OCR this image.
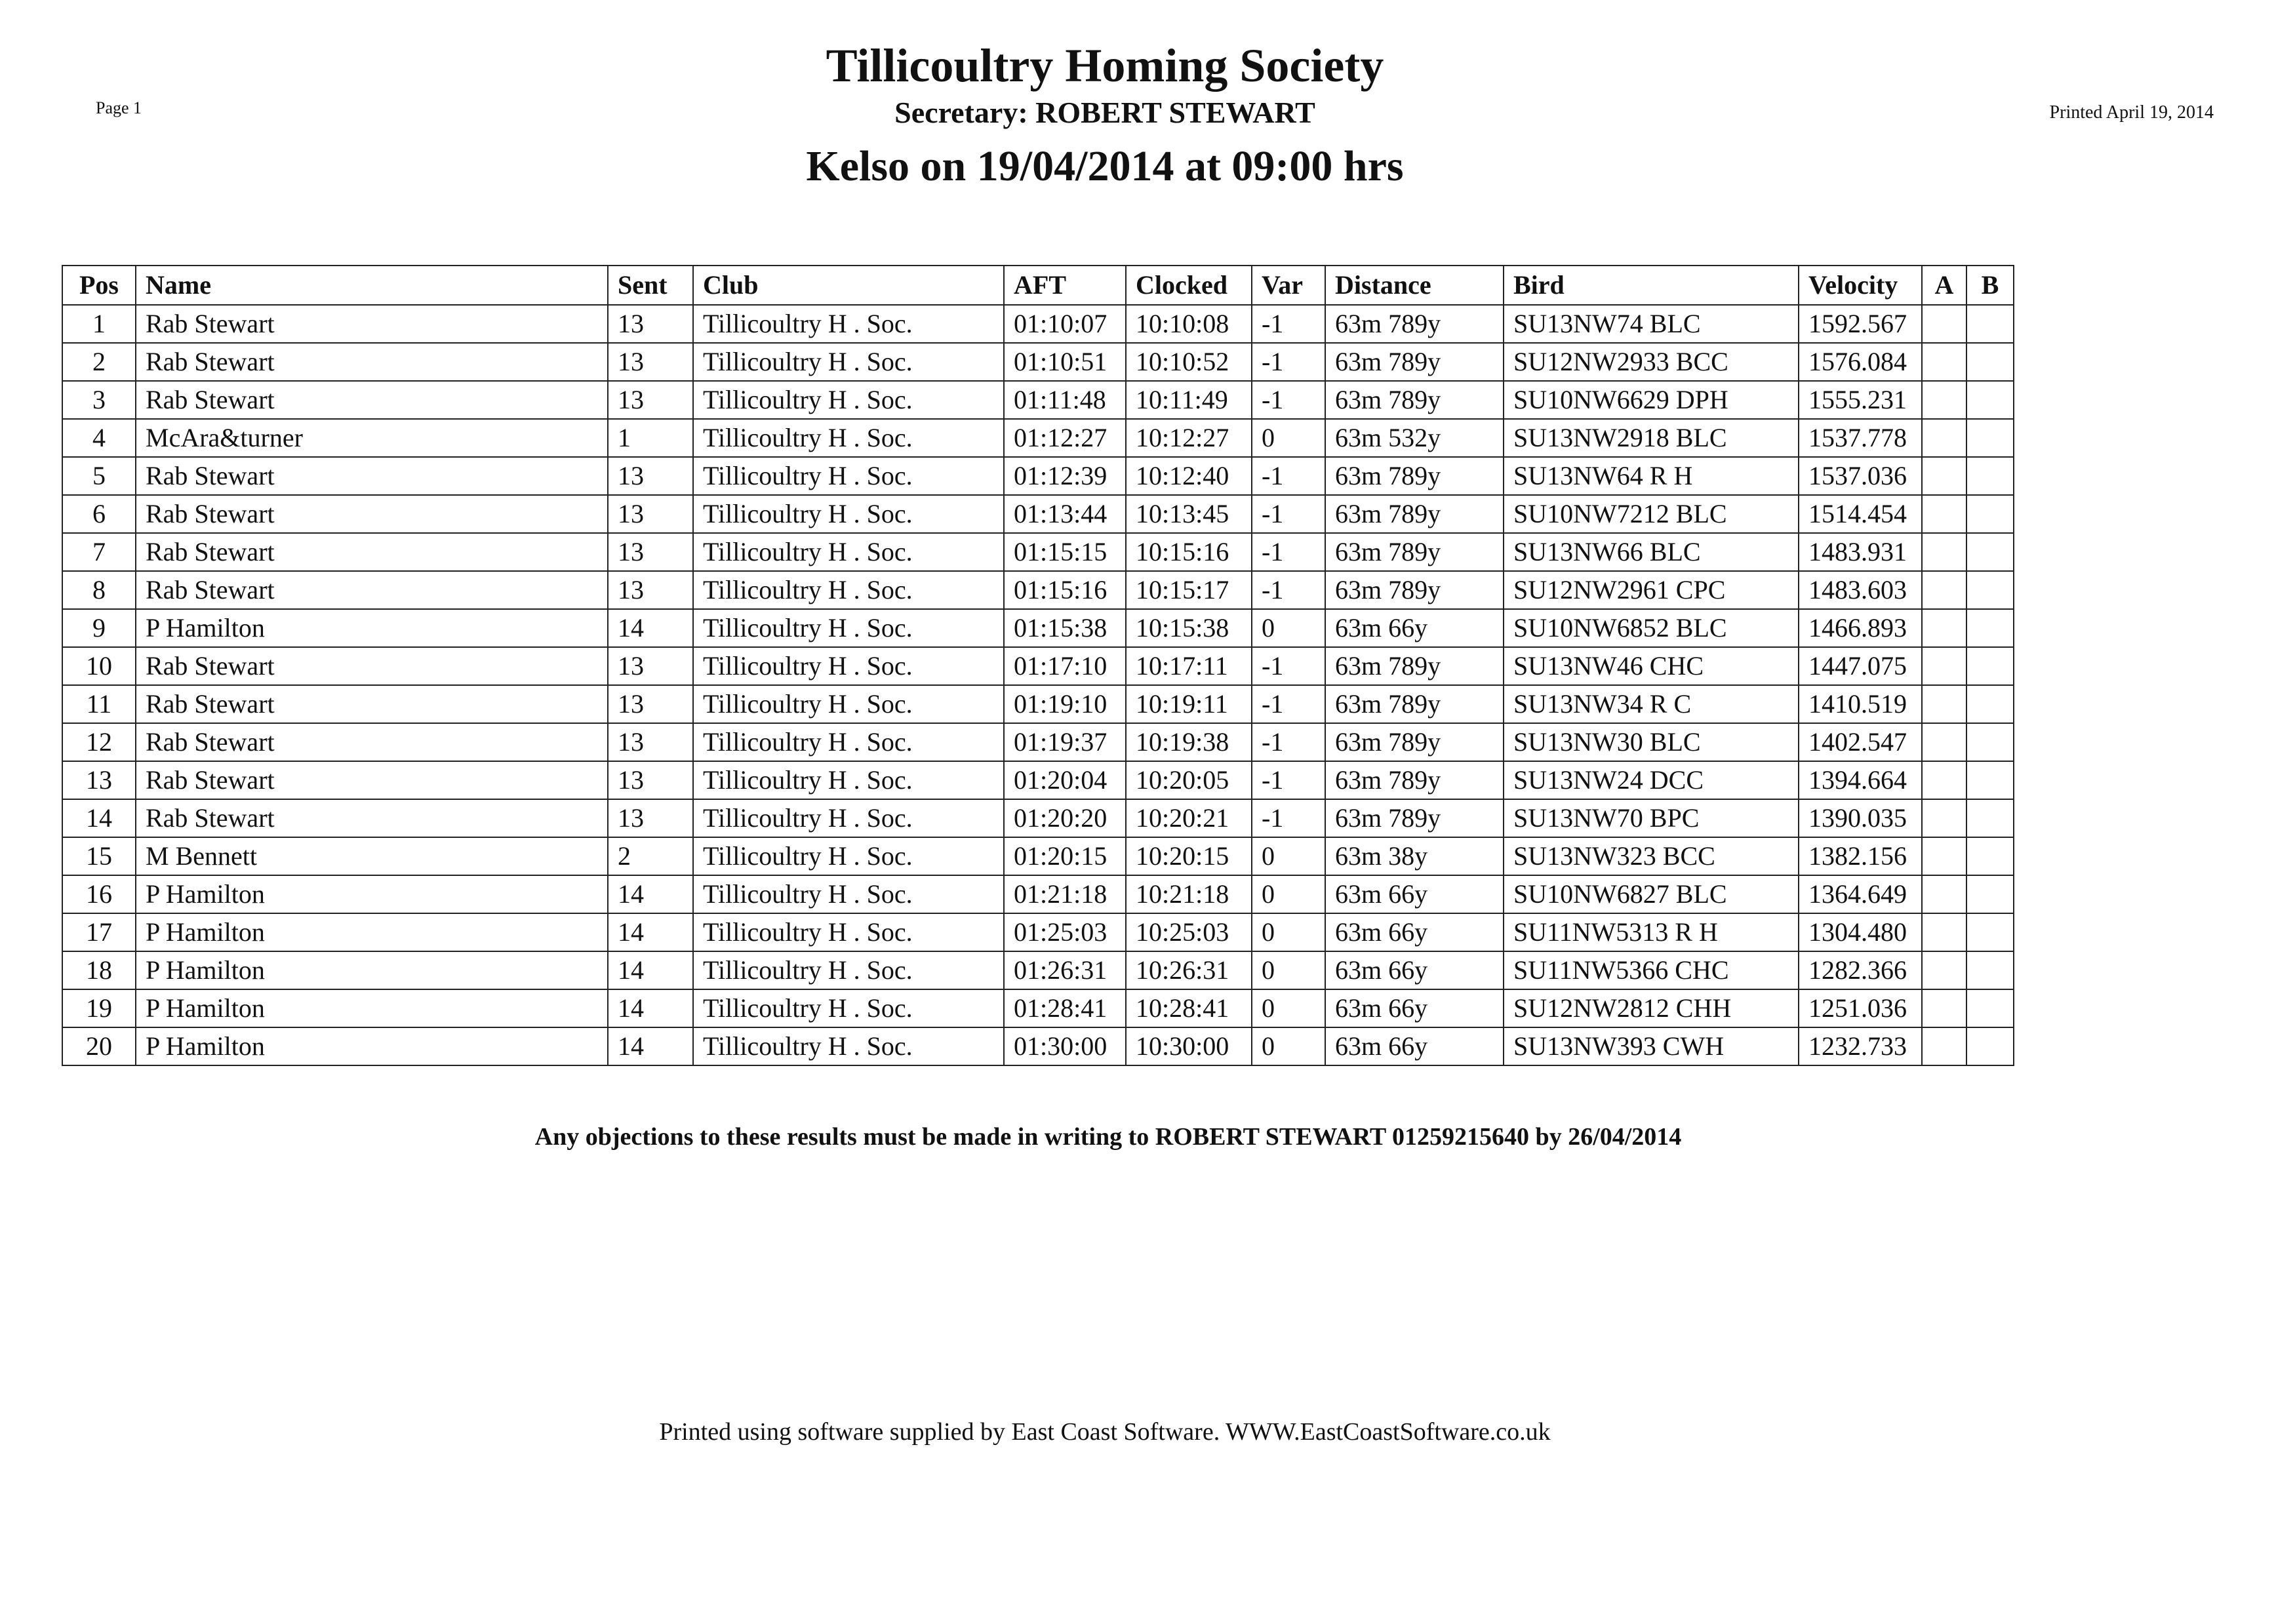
Page 1	Printed April 19, 2014
Tillicoultry Homing Society
Secretary: ROBERT STEWART
Kelso on 19/04/2014 at 09:00 hrs
Pos	Name	Sent	Club	AFT	Clocked	Var	Distance	Bird	Velocity	A	B
1	Rab Stewart	13	Tillicoultry H . Soc.	01:10:07	10:10:08	-1	63m 789y	SU13NW74 BLC	1592.567		
2	Rab Stewart	13	Tillicoultry H . Soc.	01:10:51	10:10:52	-1	63m 789y	SU12NW2933 BCC	1576.084		
3	Rab Stewart	13	Tillicoultry H . Soc.	01:11:48	10:11:49	-1	63m 789y	SU10NW6629 DPH	1555.231		
4	McAra&turner	1	Tillicoultry H . Soc.	01:12:27	10:12:27	0	63m 532y	SU13NW2918 BLC	1537.778		
5	Rab Stewart	13	Tillicoultry H . Soc.	01:12:39	10:12:40	-1	63m 789y	SU13NW64 R H	1537.036		
6	Rab Stewart	13	Tillicoultry H . Soc.	01:13:44	10:13:45	-1	63m 789y	SU10NW7212 BLC	1514.454		
7	Rab Stewart	13	Tillicoultry H . Soc.	01:15:15	10:15:16	-1	63m 789y	SU13NW66 BLC	1483.931		
8	Rab Stewart	13	Tillicoultry H . Soc.	01:15:16	10:15:17	-1	63m 789y	SU12NW2961 CPC	1483.603		
9	P Hamilton	14	Tillicoultry H . Soc.	01:15:38	10:15:38	0	63m 66y	SU10NW6852 BLC	1466.893		
10	Rab Stewart	13	Tillicoultry H . Soc.	01:17:10	10:17:11	-1	63m 789y	SU13NW46 CHC	1447.075		
11	Rab Stewart	13	Tillicoultry H . Soc.	01:19:10	10:19:11	-1	63m 789y	SU13NW34 R C	1410.519		
12	Rab Stewart	13	Tillicoultry H . Soc.	01:19:37	10:19:38	-1	63m 789y	SU13NW30 BLC	1402.547		
13	Rab Stewart	13	Tillicoultry H . Soc.	01:20:04	10:20:05	-1	63m 789y	SU13NW24 DCC	1394.664		
14	Rab Stewart	13	Tillicoultry H . Soc.	01:20:20	10:20:21	-1	63m 789y	SU13NW70 BPC	1390.035		
15	M Bennett	2	Tillicoultry H . Soc.	01:20:15	10:20:15	0	63m 38y	SU13NW323 BCC	1382.156		
16	P Hamilton	14	Tillicoultry H . Soc.	01:21:18	10:21:18	0	63m 66y	SU10NW6827 BLC	1364.649		
17	P Hamilton	14	Tillicoultry H . Soc.	01:25:03	10:25:03	0	63m 66y	SU11NW5313 R H	1304.480		
18	P Hamilton	14	Tillicoultry H . Soc.	01:26:31	10:26:31	0	63m 66y	SU11NW5366 CHC	1282.366		
19	P Hamilton	14	Tillicoultry H . Soc.	01:28:41	10:28:41	0	63m 66y	SU12NW2812 CHH	1251.036		
20	P Hamilton	14	Tillicoultry H . Soc.	01:30:00	10:30:00	0	63m 66y	SU13NW393 CWH	1232.733		
Any objections to these results must be made in writing to ROBERT STEWART 01259215640 by 26/04/2014
Printed using software supplied by East Coast Software. WWW.EastCoastSoftware.co.uk
